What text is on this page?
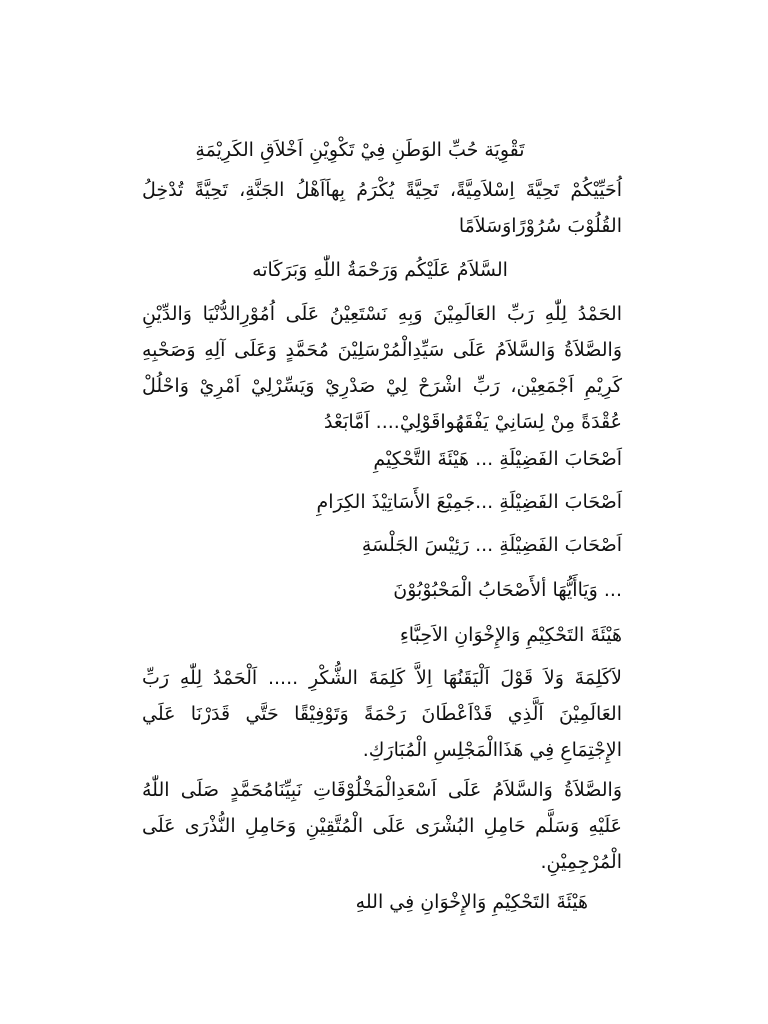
تَقْوِيَة حُبِّ الوَطَنِ فِيْ تَكْوِيْنِ اَخْلاَقِ الكَرِيْمَةِ
اُحَيِّيْكُمْ تَحِيَّةَ اِسْلاَمِيَّةً، تَحِيَّةً يُكْرَمُ بِهاَاَهْلُ الجَنَّةِ، تَحِيَّةً تُدْخِلُ القُلُوْبَ سُرُوْرًاوَسَلاَمًا
السَّلاَمُ عَلَيْكُم وَرَحْمَةُ اللّٰهِ وَبَرَكَاته
الحَمْدُ لِلّٰهِ رَبِّ العَالَمِيْنَ وَبِهِ نَسْتَعِيْنُ عَلَى اُمُوْرِالدُّنْيَا وَالدِّيْنِ وَالصَّلاَةُ وَالسَّلاَمُ عَلَى سَيِّدِالْمُرْسَلِيْنَ مُحَمَّدٍ وَعَلَى آلِهِ وَصَحْبِهِ كَرِيْمِ اَجْمَعِيْن، رَبِّ اشْرَحْ لِيْ صَدْرِيْ وَيَسِّرْلِيْ اَمْرِيْ وَاحْلُلْ عُقْدَةً مِنْ لِسَانِيْ يَفْقَهُواقَوْلِيْ.... اَمَّابَعْدُ
اَصْحَابَ الفَضِيْلَةِ ... هَيْئَةَ التَّحْكِيْمِ
اَصْحَابَ الفَضِيْلَةِ ...جَمِيْعَ الأَسَاتِيْذَ الكِرَامِ
اَصْحَابَ الفَضِيْلَةِ ... رَئِيْسَ الجَلْسَةِ
... وَيَاأَيُّهَا ألأَصْحَابُ الْمَحْبُوْبُوْنَ
هَيْئَةَ التَحْكِيْمِ وَالإِخْوَانِ الاَحِبَّاءِ
لاَكَلِمَةَ وَلاَ قَوْلَ اَلْيَقَنُهَا اِلاَّ كَلِمَةَ الشُّكْرِ ..... اَلْحَمْدُ لِلّٰهِ رَبِّ العَالَمِيْنَ اَلَّذِي قَدْاَعْطَانَ رَحْمَةً وَتَوْفِيْقًا حَتَّي قَدَرْنَا عَلَي الإِجْتِمَاعِ فِي هَذَاالْمَجْلِسِ الْمُبَارَكِ.
وَالصَّلاَةُ وَالسَّلاَمُ عَلَى اَسْعَدِالْمَخْلُوْقَاتِ نَبِيِّنَامُحَمَّدٍ صَلَى اللّٰهُ عَلَيْهِ وَسَلَّم حَامِلِ البُشْرَى عَلَى الْمُتَّقِيْنِ وَحَامِلِ النُّذْرَى عَلَى الْمُرْجِمِيْنِ.
هَيْئَةَ التَحْكِيْمِ وَالإِخْوَانِ فِي اللهِ
